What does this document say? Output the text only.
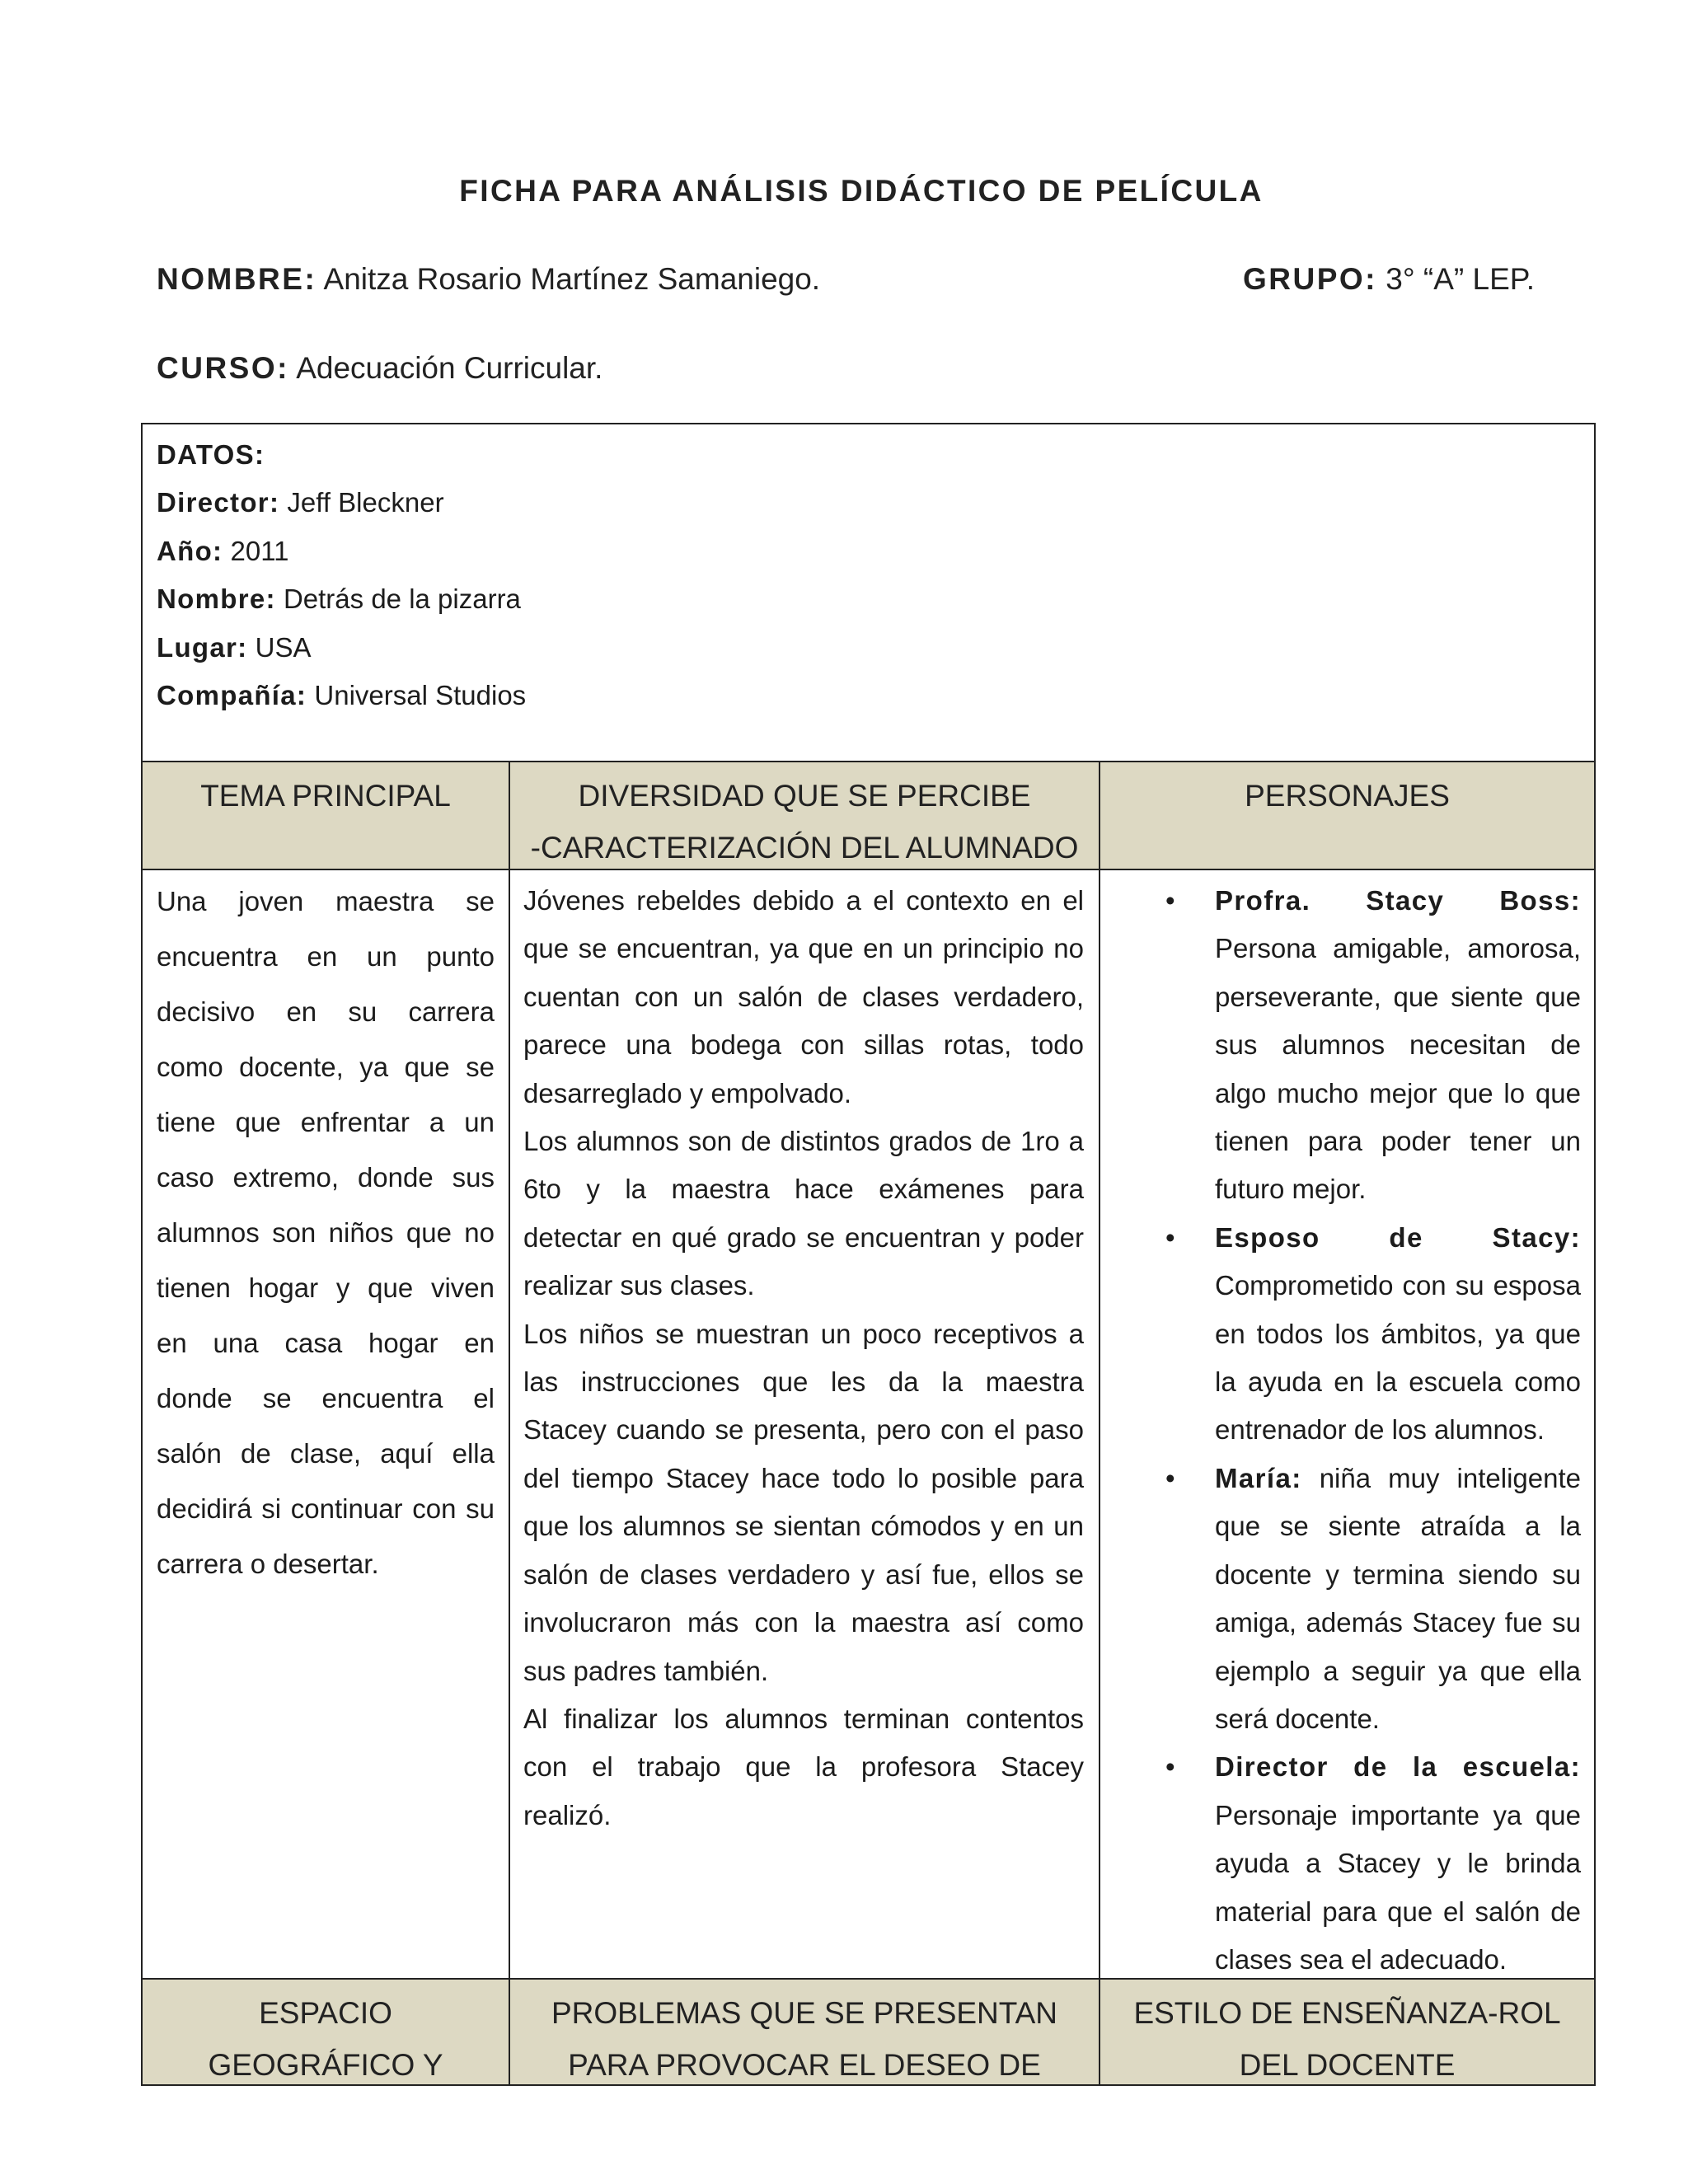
FICHA PARA ANÁLISIS DIDÁCTICO DE PELÍCULA
NOMBRE: Anitza Rosario Martínez Samaniego.	GRUPO: 3° “A” LEP.
CURSO: Adecuación Curricular.
DATOS:
Director: Jeff Bleckner
Año: 2011
Nombre: Detrás de la pizarra
Lugar: USA
Compañía: Universal Studios
TEMA PRINCIPAL	DIVERSIDAD QUE SE PERCIBE
-CARACTERIZACIÓN DEL ALUMNADO
PERSONAJES
Una joven maestra se
encuentra en un punto
decisivo en su carrera
como docente, ya que se
tiene que enfrentar a un
caso extremo, donde sus
alumnos son niños que no
tienen hogar y que viven
en una casa hogar en
donde se encuentra el
salón de clase, aquí ella
decidirá si continuar con su
carrera o desertar.
Jóvenes rebeldes debido a el contexto en el
que se encuentran, ya que en un principio no
cuentan con un salón de clases verdadero,
parece una bodega con sillas rotas, todo
desarreglado y empolvado.
Los alumnos son de distintos grados de 1ro a
6to y la maestra hace exámenes para
detectar en qué grado se encuentran y poder
realizar sus clases.
Los niños se muestran un poco receptivos a
las instrucciones que les da la maestra
Stacey cuando se presenta, pero con el paso
del tiempo Stacey hace todo lo posible para
que los alumnos se sientan cómodos y en un
salón de clases verdadero y así fue, ellos se
involucraron más con la maestra así como
sus padres también.
Al finalizar los alumnos terminan contentos
con el trabajo que la profesora Stacey
realizó.
• Profra. Stacy Boss:
Persona amigable, amorosa,
perseverante, que siente que
sus alumnos necesitan de
algo mucho mejor que lo que
tienen para poder tener un
futuro mejor.
• Esposo de Stacy:
Comprometido con su esposa
en todos los ámbitos, ya que
la ayuda en la escuela como
entrenador de los alumnos.
• María: niña muy inteligente
que se siente atraída a la
docente y termina siendo su
amiga, además Stacey fue su
ejemplo a seguir ya que ella
será docente.
• Director de la escuela:
Personaje importante ya que
ayuda a Stacey y le brinda
material para que el salón de
clases sea el adecuado.
ESPACIO
GEOGRÁFICO Y
PROBLEMAS QUE SE PRESENTAN
PARA PROVOCAR EL DESEO DE
ESTILO DE ENSEÑANZA-ROL
DEL DOCENTE
